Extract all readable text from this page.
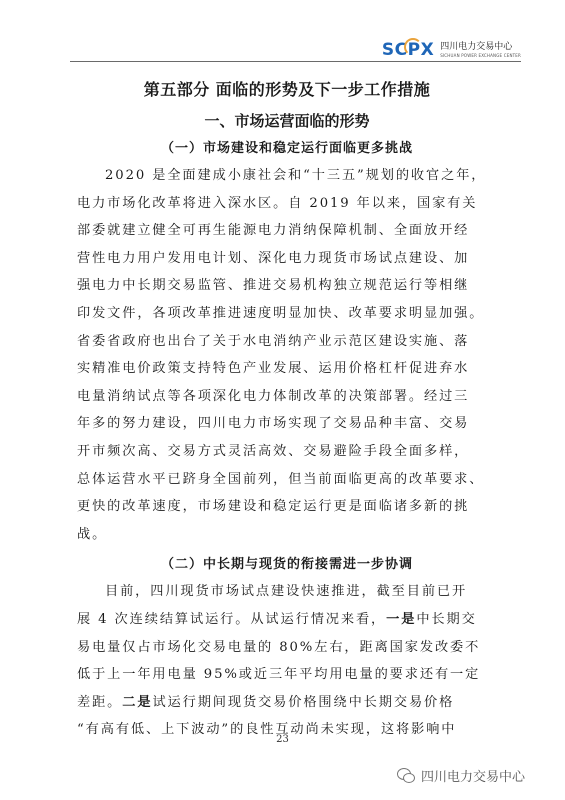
SCPX 四川电力交易中心
SICHUAN POWER EXCHANGE CENTER
第五部分 面临的形势及下一步工作措施
一、市场运营面临的形势
（一）市场建设和稳定运行面临更多挑战

2020 是全面建成小康社会和“十三五”规划的收官之年，
电力市场化改革将进入深水区。自 2019 年以来，国家有关
部委就建立健全可再生能源电力消纳保障机制、全面放开经
营性电力用户发用电计划、深化电力现货市场试点建设、加
强电力中长期交易监管、推进交易机构独立规范运行等相继
印发文件，各项改革推进速度明显加快、改革要求明显加强。
省委省政府也出台了关于水电消纳产业示范区建设实施、落
实精准电价政策支持特色产业发展、运用价格杠杆促进弃水
电量消纳试点等各项深化电力体制改革的决策部署。经过三
年多的努力建设，四川电力市场实现了交易品种丰富、交易
开市频次高、交易方式灵活高效、交易避险手段全面多样，
总体运营水平已跻身全国前列，但当前面临更高的改革要求、
更快的改革速度，市场建设和稳定运行更是面临诸多新的挑
战。

（二）中长期与现货的衔接需进一步协调

目前，四川现货市场试点建设快速推进，截至目前已开
展 4 次连续结算试运行。从试运行情况来看，一是中长期交
易电量仅占市场化交易电量的 80%左右，距离国家发改委不
低于上一年用电量 95%或近三年平均用电量的要求还有一定
差距。二是试运行期间现货交易价格围绕中长期交易价格
“有高有低、上下波动”的良性互动尚未实现，这将影响中

23
四川电力交易中心
